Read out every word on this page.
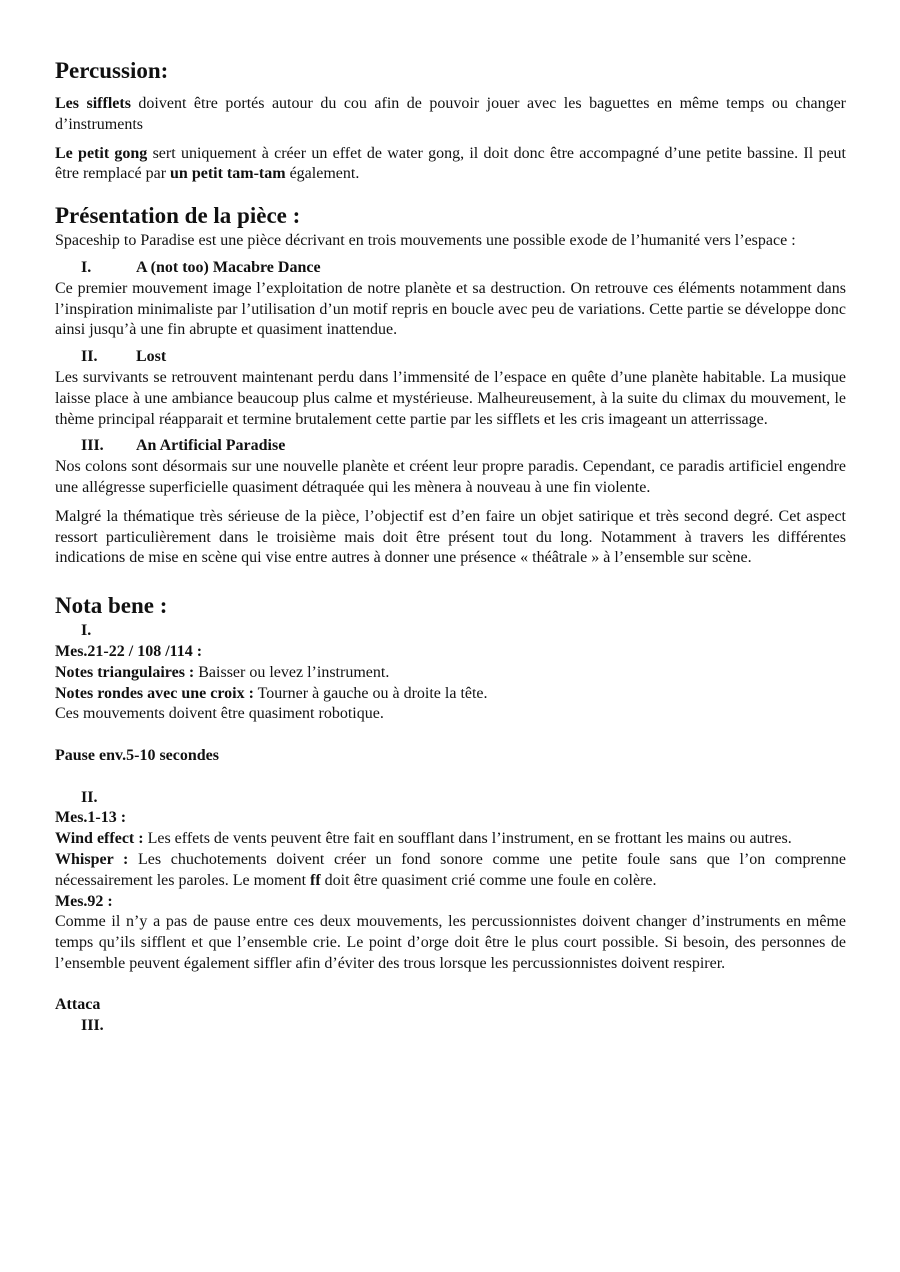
Percussion:

Les sifflets doivent être portés autour du cou afin de pouvoir jouer avec les baguettes en même temps ou changer d’instruments

Le petit gong sert uniquement à créer un effet de water gong, il doit donc être accompagné d’une petite bassine. Il peut être remplacé par un petit tam-tam également.

Présentation de la pièce :

Spaceship to Paradise est une pièce décrivant en trois mouvements une possible exode de l’humanité vers l’espace :

I.	A (not too) Macabre Dance

Ce premier mouvement image l’exploitation de notre planète et sa destruction. On retrouve ces éléments notamment dans l’inspiration minimaliste par l’utilisation d’un motif repris en boucle avec peu de variations. Cette partie se développe donc ainsi jusqu’à une fin abrupte et quasiment inattendue.

II.	Lost

Les survivants se retrouvent maintenant perdu dans l’immensité de l’espace en quête d’une planète habitable. La musique laisse place à une ambiance beaucoup plus calme et mystérieuse. Malheureusement, à la suite du climax du mouvement, le thème principal réapparait et termine brutalement cette partie par les sifflets et les cris imageant un atterrissage.

III.	An Artificial Paradise

Nos colons sont désormais sur une nouvelle planète et créent leur propre paradis. Cependant, ce paradis artificiel engendre une allégresse superficielle quasiment détraquée qui les mènera à nouveau à une fin violente.

Malgré la thématique très sérieuse de la pièce, l’objectif est d’en faire un objet satirique et très second degré. Cet aspect ressort particulièrement dans le troisième mais doit être présent tout du long. Notamment à travers les différentes indications de mise en scène qui vise entre autres à donner une présence « théâtrale » à l’ensemble sur scène.

Nota bene :
I.

Mes.21-22 / 108 /114 :

Notes triangulaires : Baisser ou levez l’instrument.

Notes rondes avec une croix : Tourner à gauche ou à droite la tête.

Ces mouvements doivent être quasiment robotique.

Pause env.5-10 secondes

II.

Mes.1-13 :

Wind effect : Les effets de vents peuvent être fait en soufflant dans l’instrument, en se frottant les mains ou autres.

Whisper : Les chuchotements doivent créer un fond sonore comme une petite foule sans que l’on comprenne nécessairement les paroles. Le moment ff doit être quasiment crié comme une foule en colère.

Mes.92 :

Comme il n’y a pas de pause entre ces deux mouvements, les percussionnistes doivent changer d’instruments en même temps qu’ils sifflent et que l’ensemble crie. Le point d’orge doit être le plus court possible. Si besoin, des personnes de l’ensemble peuvent également siffler afin d’éviter des trous lorsque les percussionnistes doivent respirer.

Attaca

III.
